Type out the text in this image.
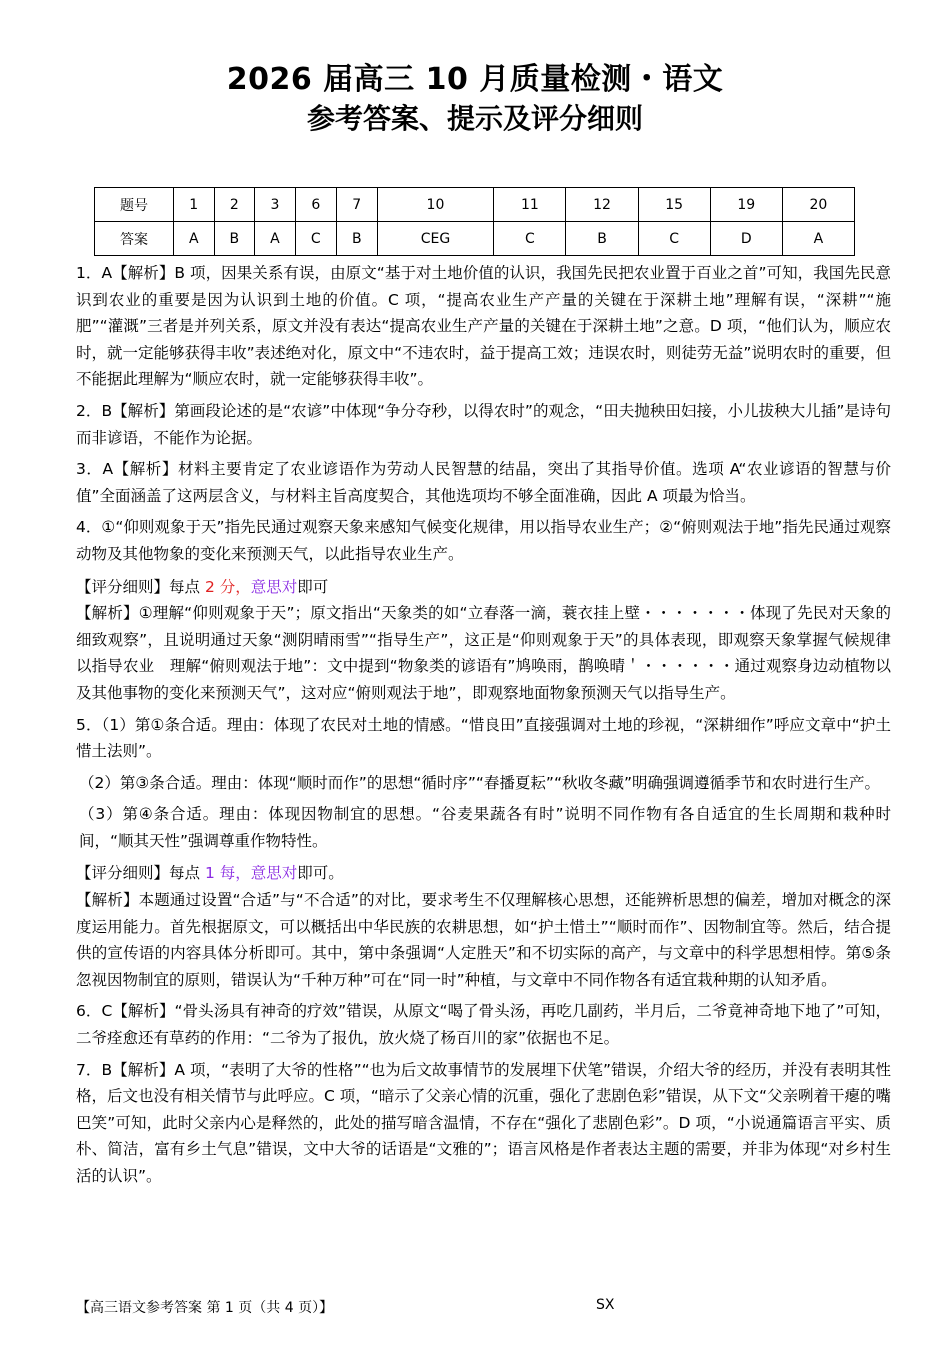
2026 届高三 10 月质量检测・语文
参考答案、提示及评分细则
题号	1	2	3	6	7	10	11	12	15	19	20
答案	A	B	A	C	B	CEG	C	B	C	D	A

1．A【解析】B 项，因果关系有误，由原文“基于对土地价值的认识，我国先民把农业置于百业之首”可知，我国先民意识到农业的重要是因为认识到土地的价值。C 项，“提高农业生产产量的关键在于深耕土地”理解有误，“深耕”“施肥”“灌溉”三者是并列关系，原文并没有表达“提高农业生产产量的关键在于深耕土地”之意。D 项，“他们认为，顺应农时，就一定能够获得丰收”表述绝对化，原文中“不违农时，益于提高工效；违误农时，则徒劳无益”说明农时的重要，但不能据此理解为“顺应农时，就一定能够获得丰收”。

2．B【解析】第画段论述的是“农谚”中体现“争分夺秒，以得农时”的观念，“田夫抛秧田妇接，小儿拔秧大儿插”是诗句而非谚语，不能作为论据。

3．A【解析】材料主要肯定了农业谚语作为劳动人民智慧的结晶，突出了其指导价值。选项 A“农业谚语的智慧与价值”全面涵盖了这两层含义，与材料主旨高度契合，其他选项均不够全面准确，因此 A 项最为恰当。

4．①“仰则观象于天”指先民通过观察天象来感知气候变化规律，用以指导农业生产；②“俯则观法于地”指先民通过观察动物及其他物象的变化来预测天气，以此指导农业生产。

【评分细则】每点 2 分，意思对即可

【解析】①理解“仰则观象于天”；原文指出“天象类的如“立春落一滴，蓑衣挂上壁・・・・・・・体现了先民对天象的细致观察”，且说明通过天象“测阴晴雨雪”“指导生产”，这正是“仰则观象于天”的具体表现，即观察天象掌握气候规律以指导农业　理解“俯则观法于地”：文中提到“物象类的谚语有”鸠唤雨，鹊唤晴＇・・・・・・通过观察身边动植物以及其他事物的变化来预测天气”，这对应“俯则观法于地”，即观察地面物象预测天气以指导生产。

5．（1）第①条合适。理由：体现了农民对土地的情感。“惜良田”直接强调对土地的珍视，“深耕细作”呼应文章中“护土惜土法则”。

（2）第③条合适。理由：体现“顺时而作”的思想“循时序”“春播夏耘”“秋收冬藏”明确强调遵循季节和农时进行生产。

（3）第④条合适。理由：体现因物制宜的思想。“谷麦果蔬各有时”说明不同作物有各自适宜的生长周期和栽种时间，“顺其天性”强调尊重作物特性。

【评分细则】每点 1 每，意思对即可。

【解析】本题通过设置“合适”与“不合适”的对比，要求考生不仅理解核心思想，还能辨析思想的偏差，增加对概念的深度运用能力。首先根据原文，可以概括出中华民族的农耕思想，如“护土惜土”“顺时而作”、因物制宜等。然后，结合提供的宣传语的内容具体分析即可。其中，第中条强调“人定胜天”和不切实际的高产，与文章中的科学思想相悖。第⑤条忽视因物制宜的原则，错误认为“千种万种”可在“同一时”种植，与文章中不同作物各有适宜栽种期的认知矛盾。

6．C【解析】“骨头汤具有神奇的疗效”错误，从原文“喝了骨头汤，再吃几副药，半月后，二爷竟神奇地下地了”可知，二爷痊愈还有草药的作用：“二爷为了报仇，放火烧了杨百川的家”依据也不足。

7．B【解析】A 项，“表明了大爷的性格”“也为后文故事情节的发展埋下伏笔”错误，介绍大爷的经历，并没有表明其性格，后文也没有相关情节与此呼应。C 项，“暗示了父亲心情的沉重，强化了悲剧色彩”错误，从下文“父亲咧着干瘪的嘴巴笑”可知，此时父亲内心是释然的，此处的描写暗含温情，不存在“强化了悲剧色彩”。D 项，“小说通篇语言平实、质朴、简洁，富有乡土气息”错误，文中大爷的话语是“文雅的”；语言风格是作者表达主题的需要，并非为体现“对乡村生活的认识”。

【高三语文参考答案 第 1 页（共 4 页）】	SX
